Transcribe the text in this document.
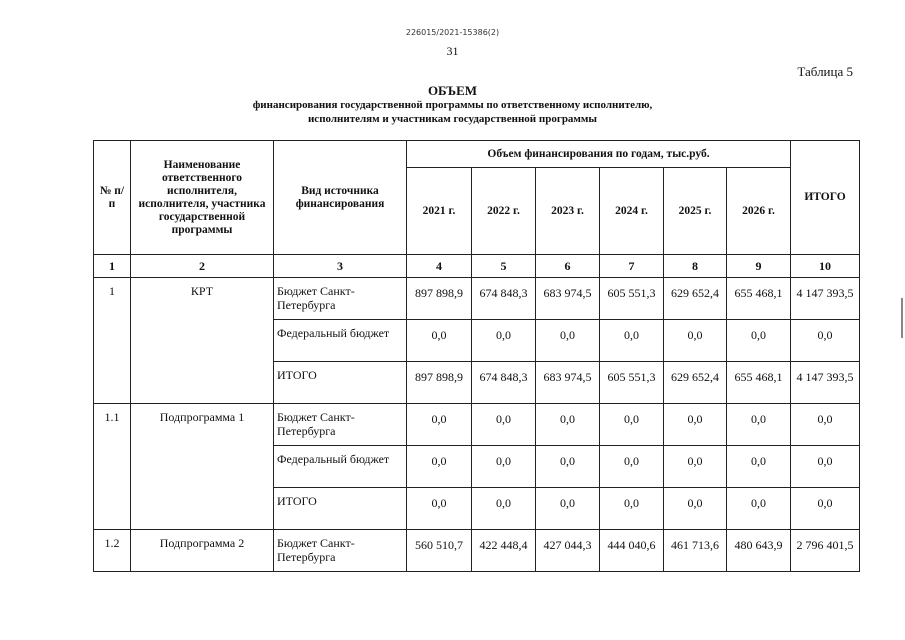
226015/2021-15386(2)
31
Таблица 5
ОБЪЕМ
финансирования государственной программы по ответственному исполнителю,
исполнителям и участникам государственной программы
№ п/п	Наименование ответственного исполнителя, исполнителя, участника государственной программы	Вид источника финансирования	Объем финансирования по годам, тыс.руб.						ИТОГО
			2021 г.	2022 г.	2023 г.	2024 г.	2025 г.	2026 г.	
1	2	3	4	5	6	7	8	9	10
1	КРТ	Бюджет Санкт-Петербурга	897 898,9	674 848,3	683 974,5	605 551,3	629 652,4	655 468,1	4 147 393,5
		Федеральный бюджет	0,0	0,0	0,0	0,0	0,0	0,0	0,0
		ИТОГО	897 898,9	674 848,3	683 974,5	605 551,3	629 652,4	655 468,1	4 147 393,5
1.1	Подпрограмма 1	Бюджет Санкт-Петербурга	0,0	0,0	0,0	0,0	0,0	0,0	0,0
		Федеральный бюджет	0,0	0,0	0,0	0,0	0,0	0,0	0,0
		ИТОГО	0,0	0,0	0,0	0,0	0,0	0,0	0,0
1.2	Подпрограмма 2	Бюджет Санкт-Петербурга	560 510,7	422 448,4	427 044,3	444 040,6	461 713,6	480 643,9	2 796 401,5
